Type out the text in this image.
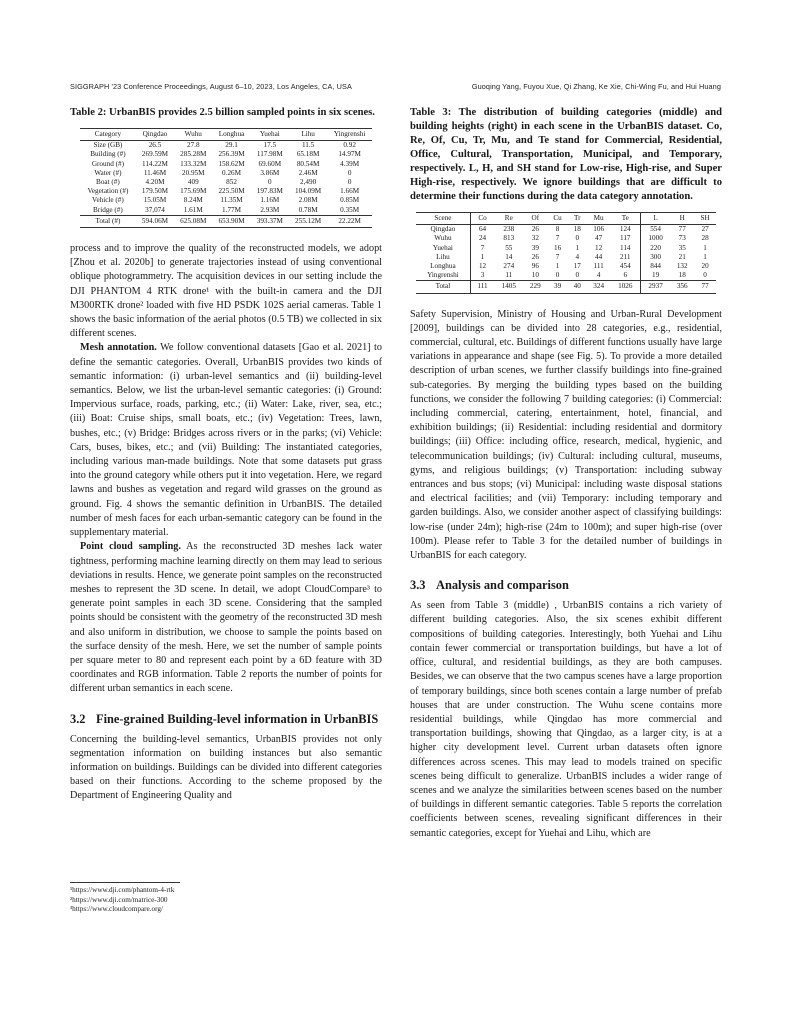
SIGGRAPH '23 Conference Proceedings, August 6–10, 2023, Los Angeles, CA, USA	Guoqing Yang, Fuyou Xue, Qi Zhang, Ke Xie, Chi-Wing Fu, and Hui Huang

Table 2: UrbanBIS provides 2.5 billion sampled points in six scenes.

Category	Qingdao	Wuhu	Longhua	Yuehai	Lihu	Yingrenshi
Size (GB)	26.5	27.8	29.1	17.5	11.5	0.92
Building (#)	269.59M	285.28M	256.39M	117.98M	65.18M	14.97M
Ground (#)	114.22M	133.32M	158.62M	69.60M	80.54M	4.39M
Water (#)	11.46M	20.95M	0.26M	3.86M	2.46M	0
Boat (#)	4.20M	409	852	0	2,490	0
Vegetation (#)	179.50M	175.69M	225.50M	197.83M	104.09M	1.66M
Vehicle (#)	15.05M	8.24M	11.35M	1.16M	2.08M	0.85M
Bridge (#)	37,074	1.61M	1.77M	2.93M	0.78M	0.35M
Total (#)	594.06M	625.08M	653.90M	393.37M	255.12M	22.22M

process and to improve the quality of the reconstructed models, we adopt [Zhou et al. 2020b] to generate trajectories instead of using conventional oblique photogrammetry. The acquisition devices in our setting include the DJI PHANTOM 4 RTK drone¹ with the built-in camera and the DJI M300RTK drone² loaded with five HD PSDK 102S aerial cameras. Table 1 shows the basic information of the aerial photos (0.5 TB) we collected in six different scenes.

Mesh annotation. We follow conventional datasets [Gao et al. 2021] to define the semantic categories. Overall, UrbanBIS provides two kinds of semantic information: (i) urban-level semantics and (ii) building-level semantics. Below, we list the urban-level semantic categories: (i) Ground: Impervious surface, roads, parking, etc.; (ii) Water: Lake, river, sea, etc.; (iii) Boat: Cruise ships, small boats, etc.; (iv) Vegetation: Trees, lawn, bushes, etc.; (v) Bridge: Bridges across rivers or in the parks; (vi) Vehicle: Cars, buses, bikes, etc.; and (vii) Building: The instantiated categories, including various man-made buildings. Note that some datasets put grass into the ground category while others put it into vegetation. Here, we regard lawns and bushes as vegetation and regard wild grasses on the ground as ground. Fig. 4 shows the semantic definition in UrbanBIS. The detailed number of mesh faces for each urban-semantic category can be found in the supplementary material.

Point cloud sampling. As the reconstructed 3D meshes lack water tightness, performing machine learning directly on them may lead to serious deviations in results. Hence, we generate point samples on the reconstructed meshes to represent the 3D scene. In detail, we adopt CloudCompare³ to generate point samples in each 3D scene. Considering that the sampled points should be consistent with the geometry of the reconstructed 3D mesh and also uniform in distribution, we choose to sample the points based on the surface density of the mesh. Here, we set the number of sample points per square meter to 80 and represent each point by a 6D feature with 3D coordinates and RGB information. Table 2 reports the number of points for different urban semantics in each scene.

3.2 Fine-grained Building-level information in UrbanBIS

Concerning the building-level semantics, UrbanBIS provides not only segmentation information on building instances but also semantic information on buildings. Buildings can be divided into different categories based on their functions. According to the scheme proposed by the Department of Engineering Quality and

¹https://www.dji.com/phantom-4-rtk
²https://www.dji.com/matrice-300
³https://www.cloudcompare.org/

Table 3: The distribution of building categories (middle) and building heights (right) in each scene in the UrbanBIS dataset. Co, Re, Of, Cu, Tr, Mu, and Te stand for Commercial, Residential, Office, Cultural, Transportation, Municipal, and Temporary, respectively. L, H, and SH stand for Low-rise, High-rise, and Super High-rise, respectively. We ignore buildings that are difficult to determine their functions during the data category annotation.

Scene	Co	Re	Of	Cu	Tr	Mu	Te	L	H	SH
Qingdao	64	238	26	8	18	106	124	554	77	27
Wuhu	24	813	32	7	0	47	117	1000	73	28
Yuehai	7	55	39	16	1	12	114	220	35	1
Lihu	1	14	26	7	4	44	211	300	21	1
Longhua	12	274	96	1	17	111	454	844	132	20
Yingrenshi	3	11	10	0	0	4	6	19	18	0
Total	111	1405	229	39	40	324	1026	2937	356	77

Safety Supervision, Ministry of Housing and Urban-Rural Development [2009], buildings can be divided into 28 categories, e.g., residential, commercial, cultural, etc. Buildings of different functions usually have large variations in appearance and shape (see Fig. 5). To provide a more detailed description of urban scenes, we further classify buildings into fine-grained sub-categories. By merging the building types based on the building functions, we consider the following 7 building categories: (i) Commercial: including commercial, catering, entertainment, hotel, financial, and exhibition buildings; (ii) Residential: including residential and dormitory buildings; (iii) Office: including office, research, medical, hygienic, and telecommunication buildings; (iv) Cultural: including cultural, museums, gyms, and religious buildings; (v) Transportation: including subway entrances and bus stops; (vi) Municipal: including waste disposal stations and electrical facilities; and (vii) Temporary: including temporary and garden buildings. Also, we consider another aspect of classifying buildings: low-rise (under 24m); high-rise (24m to 100m); and super high-rise (over 100m). Please refer to Table 3 for the detailed number of buildings in UrbanBIS for each category.

3.3 Analysis and comparison

As seen from Table 3 (middle) , UrbanBIS contains a rich variety of different building categories. Also, the six scenes exhibit different compositions of building categories. Interestingly, both Yuehai and Lihu contain fewer commercial or transportation buildings, but have a lot of office, cultural, and residential buildings, as they are both campuses. Besides, we can observe that the two campus scenes have a large proportion of temporary buildings, since both scenes contain a large number of prefab houses that are under construction. The Wuhu scene contains more residential buildings, while Qingdao has more commercial and transportation buildings, showing that Qingdao, as a larger city, is at a higher city development level. Current urban datasets often ignore differences across scenes. This may lead to models trained on specific scenes being difficult to generalize. UrbanBIS includes a wider range of scenes and we analyze the similarities between scenes based on the number of buildings in different semantic categories. Table 5 reports the correlation coefficients between scenes, revealing significant differences in their semantic categories, except for Yuehai and Lihu, which are
